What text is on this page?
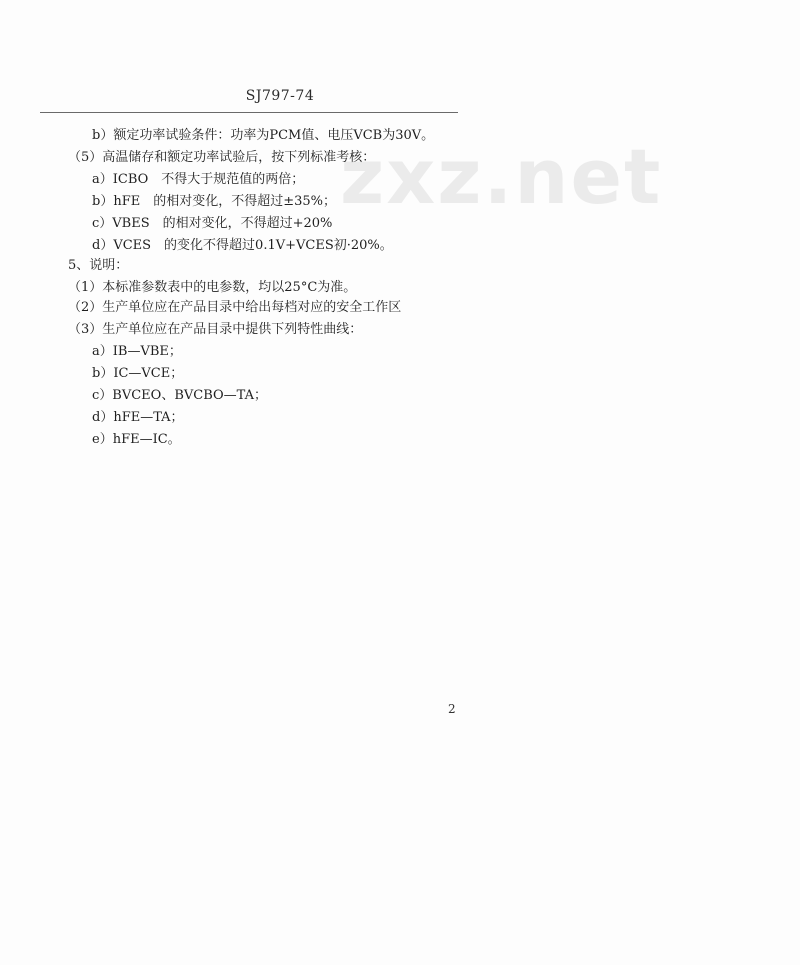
SJ797-74
b）额定功率试验条件：功率为PCM值、电压VCB为30V。
（5）高温储存和额定功率试验后，按下列标准考核：
a）ICBO　不得大于规范值的两倍；
b）hFE　的相对变化，不得超过±35%；
c）VBES　的相对变化，不得超过+20%
d）VCES　的变化不得超过0.1V+VCES初·20%。
5、说明：
（1）本标准参数表中的电参数，均以25°C为准。
（2）生产单位应在产品目录中给出每档对应的安全工作区
（3）生产单位应在产品目录中提供下列特性曲线：
a）IB—VBE；
b）IC—VCE；
c）BVCEO、BVCBO—TA；
d）hFE—TA；
e）hFE—IC。
zxz.net
2
